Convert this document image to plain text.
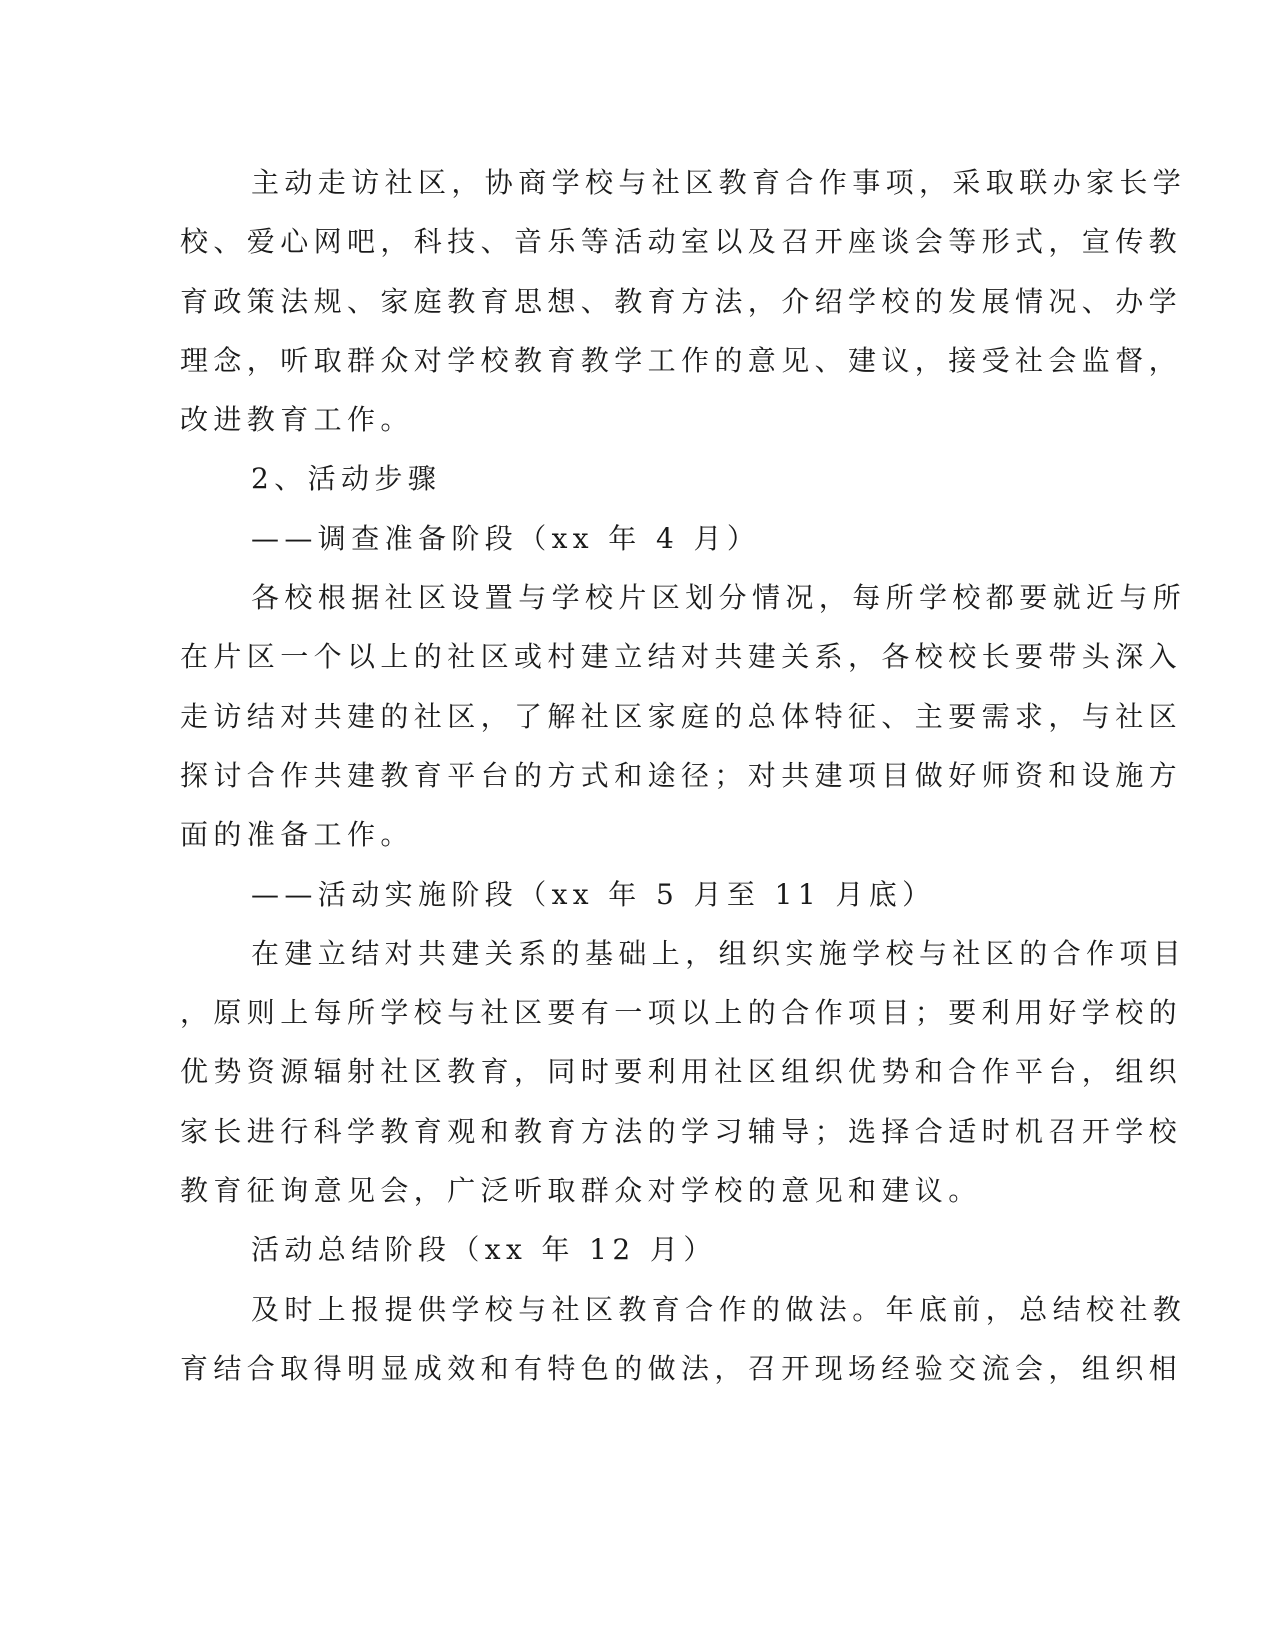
主动走访社区，协商学校与社区教育合作事项，采取联办家长学
校、爱心网吧，科技、音乐等活动室以及召开座谈会等形式，宣传教
育政策法规、家庭教育思想、教育方法，介绍学校的发展情况、办学
理念，听取群众对学校教育教学工作的意见、建议，接受社会监督，
改进教育工作。
2、活动步骤
——调查准备阶段（xx 年 4 月）
各校根据社区设置与学校片区划分情况，每所学校都要就近与所
在片区一个以上的社区或村建立结对共建关系，各校校长要带头深入
走访结对共建的社区，了解社区家庭的总体特征、主要需求，与社区
探讨合作共建教育平台的方式和途径；对共建项目做好师资和设施方
面的准备工作。
——活动实施阶段（xx 年 5 月至 11 月底）
在建立结对共建关系的基础上，组织实施学校与社区的合作项目
，原则上每所学校与社区要有一项以上的合作项目；要利用好学校的
优势资源辐射社区教育，同时要利用社区组织优势和合作平台，组织
家长进行科学教育观和教育方法的学习辅导；选择合适时机召开学校
教育征询意见会，广泛听取群众对学校的意见和建议。
活动总结阶段（xx 年 12 月）
及时上报提供学校与社区教育合作的做法。年底前，总结校社教
育结合取得明显成效和有特色的做法，召开现场经验交流会，组织相
